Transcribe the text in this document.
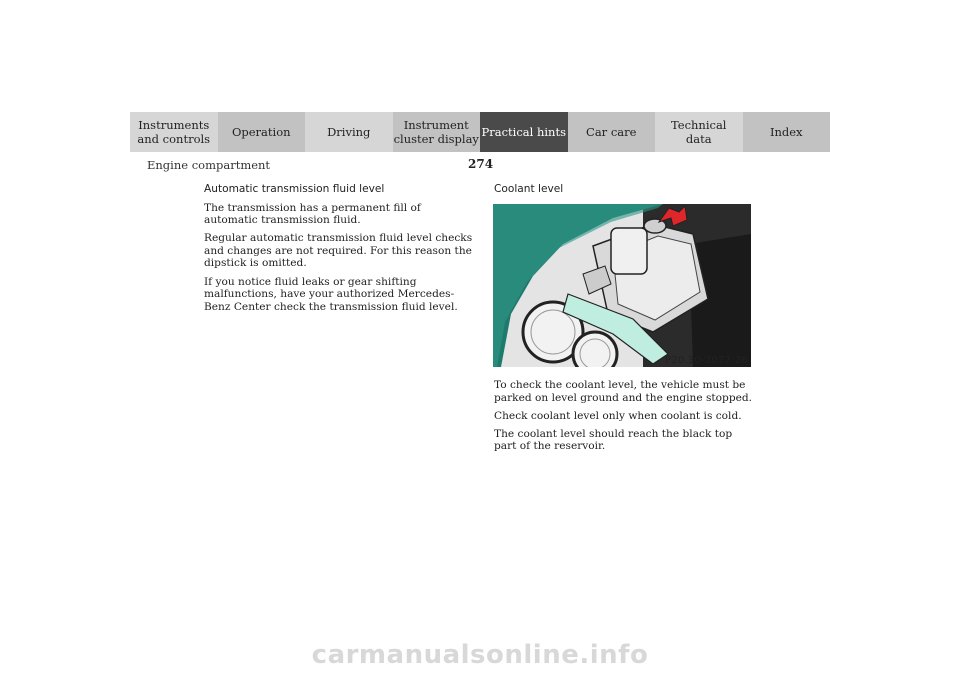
Instruments
and controls	Operation	Driving	Instrument
cluster display Practical hints	Car care	Technical
data	Index
Engine compartment	274
Automatic transmission fluid level

The transmission has a permanent fill of automatic transmission fluid.

Regular automatic transmission fluid level checks and changes are not required. For this reason the dipstick is omitted.

If you notice fluid leaks or gear shifting malfunctions, have your authorized Mercedes-Benz Center check the transmission fluid level.

Coolant level
P20.30-2077-26

To check the coolant level, the vehicle must be parked on level ground and the engine stopped.

Check coolant level only when coolant is cold.

The coolant level should reach the black top part of the reservoir.

carmanualsonline.info
